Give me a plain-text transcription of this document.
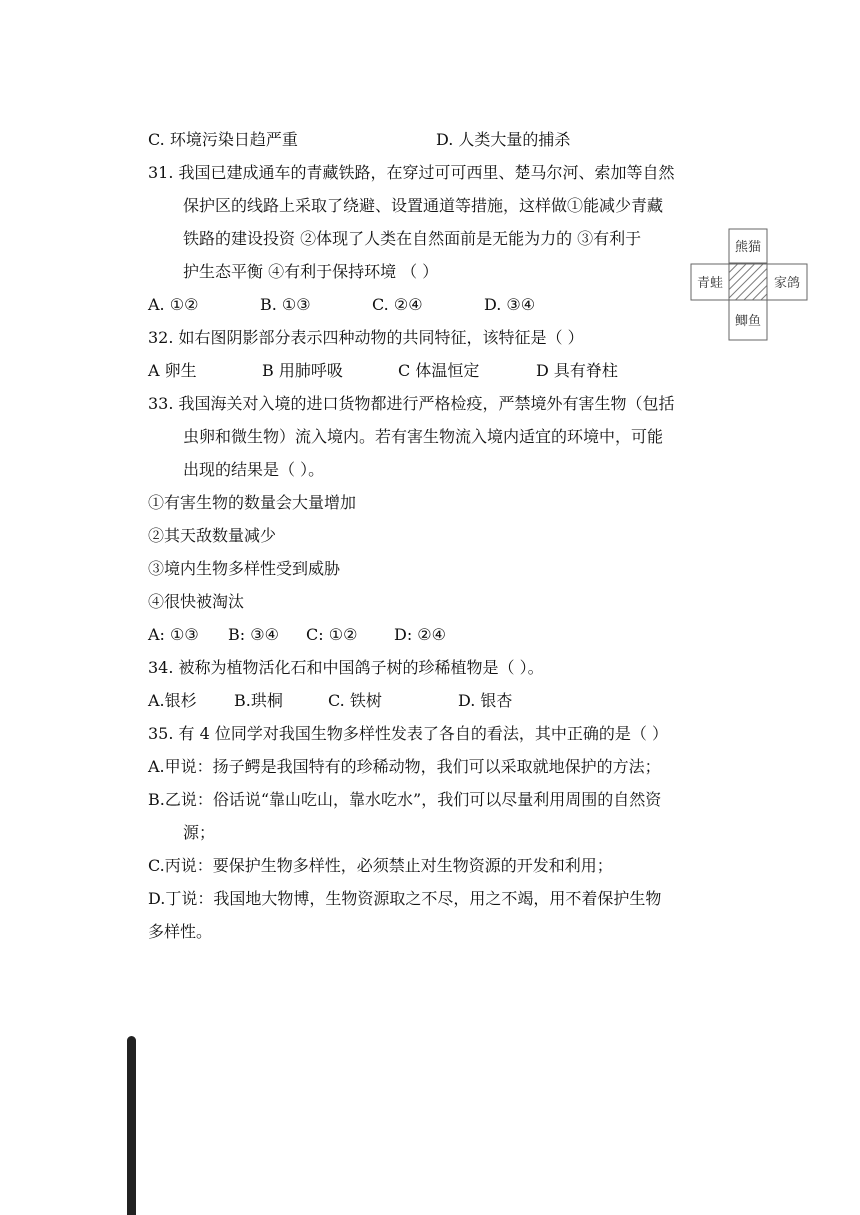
C. 环境污染日趋严重	D. 人类大量的捕杀
31. 我国已建成通车的青藏铁路，在穿过可可西里、楚马尔河、索加等自然
保护区的线路上采取了绕避、设置通道等措施，这样做①能减少青藏
铁路的建设投资 ②体现了人类在自然面前是无能为力的 ③有利于
护生态平衡 ④有利于保持环境 （ ）
A. ①②	B. ①③	C. ②④	D. ③④
熊猫
青蛙	家鸽
鲫鱼
32. 如右图阴影部分表示四种动物的共同特征，该特征是（ ）
A 卵生	B 用肺呼吸	C 体温恒定	D 具有脊柱
33. 我国海关对入境的进口货物都进行严格检疫，严禁境外有害生物（包括
虫卵和微生物）流入境内。若有害生物流入境内适宜的环境中，可能
出现的结果是（ ）。
①有害生物的数量会大量增加
②其天敌数量减少
③境内生物多样性受到威胁
④很快被淘汰
A: ①③ B: ③④ C: ①② D: ②④
34. 被称为植物活化石和中国鸽子树的珍稀植物是（ ）。
A.银杉 B.珙桐	C. 铁树	D. 银杏
35. 有 4 位同学对我国生物多样性发表了各自的看法，其中正确的是（ ）
A.甲说：扬子鳄是我国特有的珍稀动物，我们可以采取就地保护的方法；
B.乙说：俗话说“靠山吃山，靠水吃水”，我们可以尽量利用周围的自然资
源；
C.丙说：要保护生物多样性，必须禁止对生物资源的开发和利用；
D.丁说：我国地大物博，生物资源取之不尽，用之不竭，用不着保护生物
多样性。
